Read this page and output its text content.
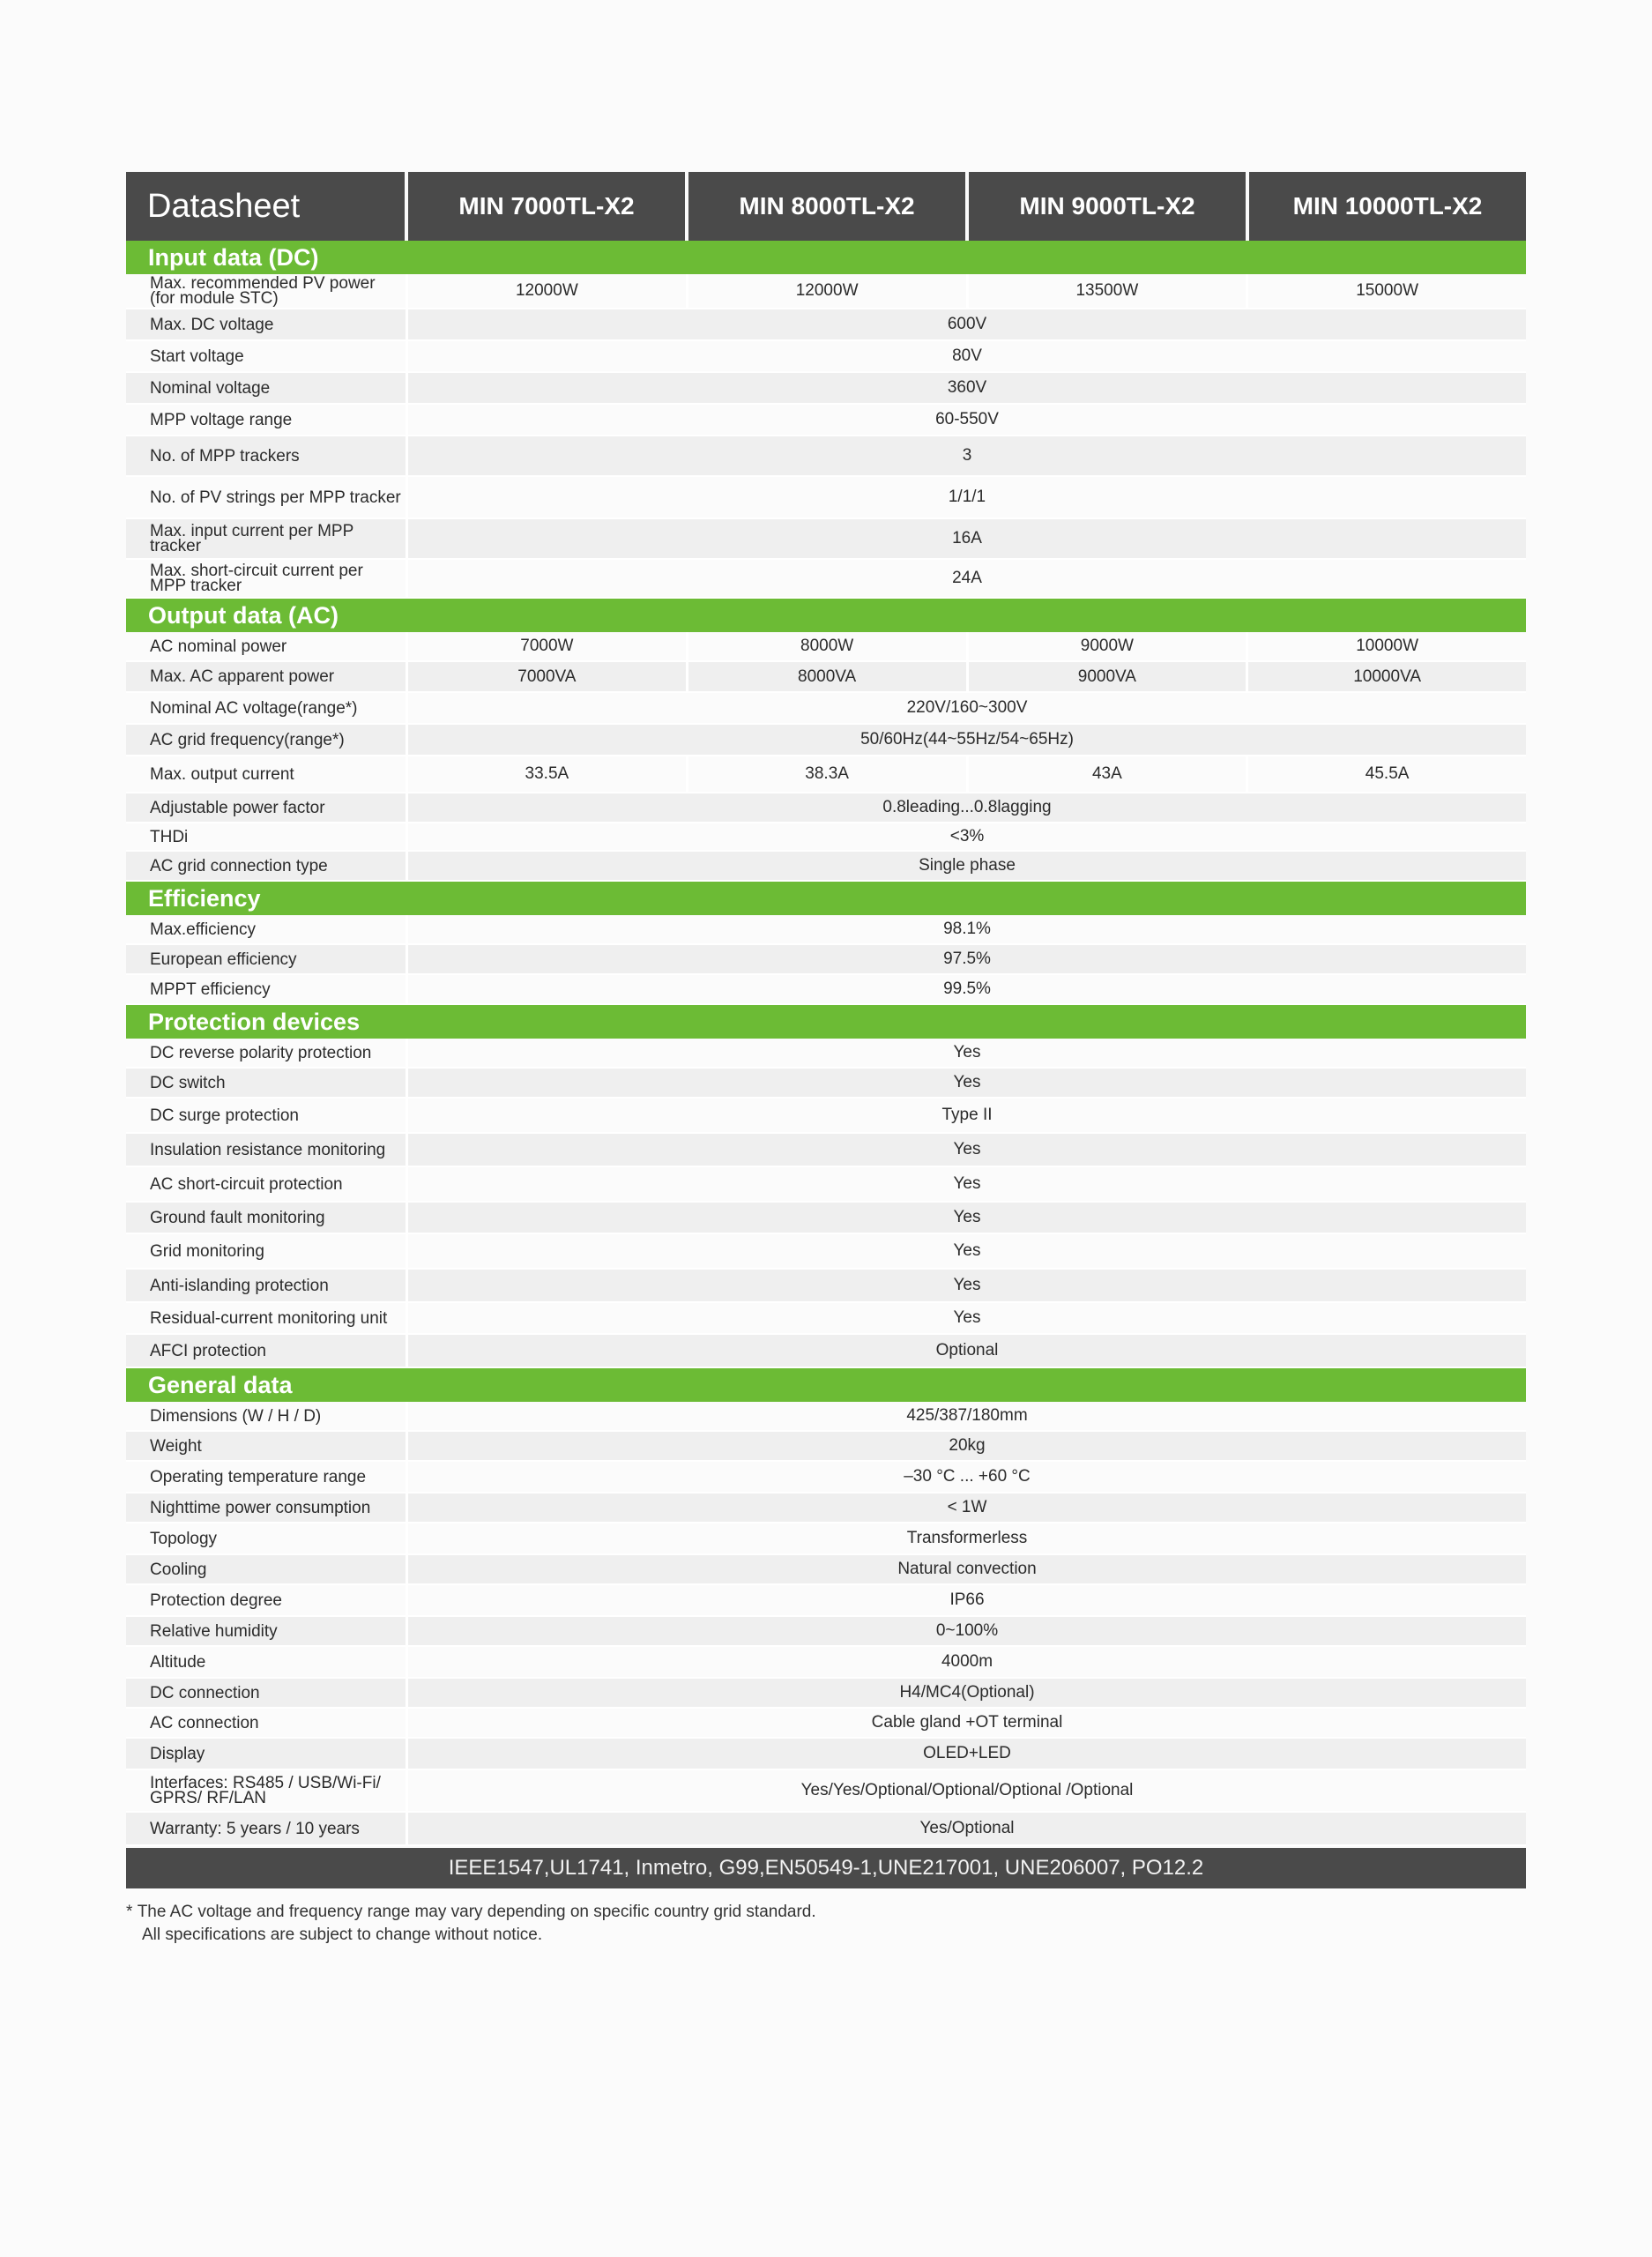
Datasheet	MIN 7000TL-X2	MIN 8000TL-X2	MIN 9000TL-X2	MIN 10000TL-X2
Input data (DC)
Max. recommended PV power (for module STC)	12000W	12000W	13500W	15000W
Max. DC voltage	600V
Start voltage	80V
Nominal voltage	360V
MPP voltage range	60-550V
No. of MPP trackers	3
No. of PV strings per MPP tracker	1/1/1
Max. input current per MPP tracker	16A
Max. short-circuit current per MPP tracker	24A
Output data (AC)
AC nominal power	7000W	8000W	9000W	10000W
Max. AC apparent power	7000VA	8000VA	9000VA	10000VA
Nominal AC voltage(range*)	220V/160~300V
AC grid frequency(range*)	50/60Hz(44~55Hz/54~65Hz)
Max. output current	33.5A	38.3A	43A	45.5A
Adjustable power factor	0.8leading...0.8lagging
THDi	<3%
AC grid connection type	Single phase
Efficiency
Max.efficiency	98.1%
European efficiency	97.5%
MPPT efficiency	99.5%
Protection devices
DC reverse polarity protection	Yes
DC switch	Yes
DC surge protection	Type II
Insulation resistance monitoring	Yes
AC short-circuit protection	Yes
Ground fault monitoring	Yes
Grid monitoring	Yes
Anti-islanding protection	Yes
Residual-current monitoring unit	Yes
AFCI protection	Optional
General data
Dimensions (W / H / D)	425/387/180mm
Weight	20kg
Operating temperature range	–30 °C ... +60 °C
Nighttime power consumption	< 1W
Topology	Transformerless
Cooling	Natural convection
Protection degree	IP66
Relative humidity	0~100%
Altitude	4000m
DC connection	H4/MC4(Optional)
AC connection	Cable gland +OT terminal
Display	OLED+LED
Interfaces: RS485 / USB/Wi-Fi/ GPRS/ RF/LAN	Yes/Yes/Optional/Optional/Optional /Optional
Warranty: 5 years / 10 years	Yes/Optional
IEEE1547,UL1741, Inmetro, G99,EN50549-1,UNE217001, UNE206007, PO12.2
* The AC voltage and frequency range may vary depending on specific country grid standard.
All specifications are subject to change without notice.
